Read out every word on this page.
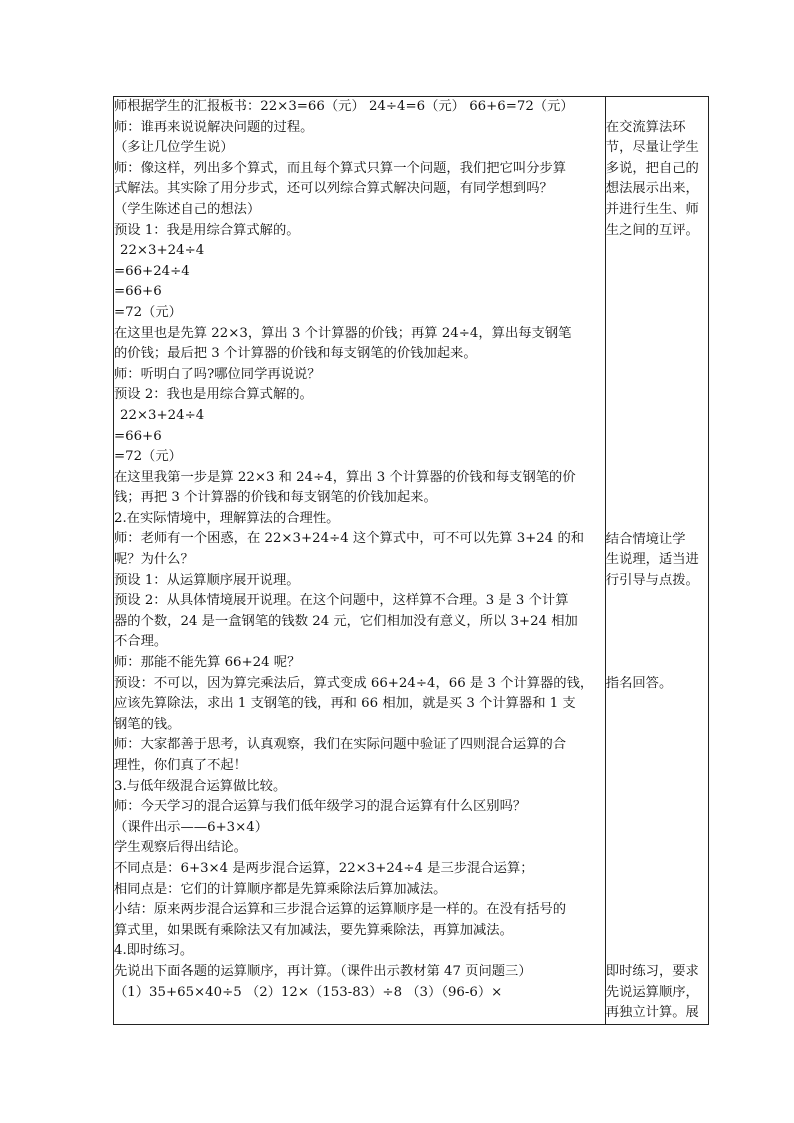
师根据学生的汇报板书：22×3=66（元） 24÷4=6（元） 66+6=72（元）
师：谁再来说说解决问题的过程。
（多让几位学生说）
师：像这样，列出多个算式，而且每个算式只算一个问题，我们把它叫分步算
式解法。其实除了用分步式，还可以列综合算式解决问题，有同学想到吗？
（学生陈述自己的想法）
预设 1：我是用综合算式解的。
22×3+24÷4
=66+24÷4
=66+6
=72（元）
在这里也是先算 22×3，算出 3 个计算器的价钱；再算 24÷4，算出每支钢笔
的价钱；最后把 3 个计算器的价钱和每支钢笔的价钱加起来。
师：听明白了吗?哪位同学再说说？
预设 2：我也是用综合算式解的。
22×3+24÷4
=66+6
=72（元）
在这里我第一步是算 22×3 和 24÷4，算出 3 个计算器的价钱和每支钢笔的价
钱；再把 3 个计算器的价钱和每支钢笔的价钱加起来。
2.在实际情境中，理解算法的合理性。
师：老师有一个困惑，在 22×3+24÷4 这个算式中，可不可以先算 3+24 的和
呢？为什么？
预设 1：从运算顺序展开说理。
预设 2：从具体情境展开说理。在这个问题中，这样算不合理。3 是 3 个计算
器的个数，24 是一盒钢笔的钱数 24 元，它们相加没有意义，所以 3+24 相加
不合理。
师：那能不能先算 66+24 呢？
预设：不可以，因为算完乘法后，算式变成 66+24÷4，66 是 3 个计算器的钱，
应该先算除法，求出 1 支钢笔的钱，再和 66 相加，就是买 3 个计算器和 1 支
钢笔的钱。
师：大家都善于思考，认真观察，我们在实际问题中验证了四则混合运算的合
理性，你们真了不起！
3.与低年级混合运算做比较。
师：今天学习的混合运算与我们低年级学习的混合运算有什么区别吗？
（课件出示——6+3×4）
学生观察后得出结论。
不同点是：6+3×4 是两步混合运算，22×3+24÷4 是三步混合运算；
相同点是：它们的计算顺序都是先算乘除法后算加减法。
小结：原来两步混合运算和三步混合运算的运算顺序是一样的。在没有括号的
算式里，如果既有乘除法又有加减法，要先算乘除法，再算加减法。
4.即时练习。
先说出下面各题的运算顺序，再计算。（课件出示教材第 47 页问题三）
（1）35+65×40÷5 （2）12×（153-83）÷8 （3）（96-6）×

在交流算法环
节，尽量让学生
多说，把自己的
想法展示出来，
并进行生生、师
生之间的互评。
结合情境让学
生说理，适当进
行引导与点拨。
指名回答。
即时练习，要求
先说运算顺序，
再独立计算。展
